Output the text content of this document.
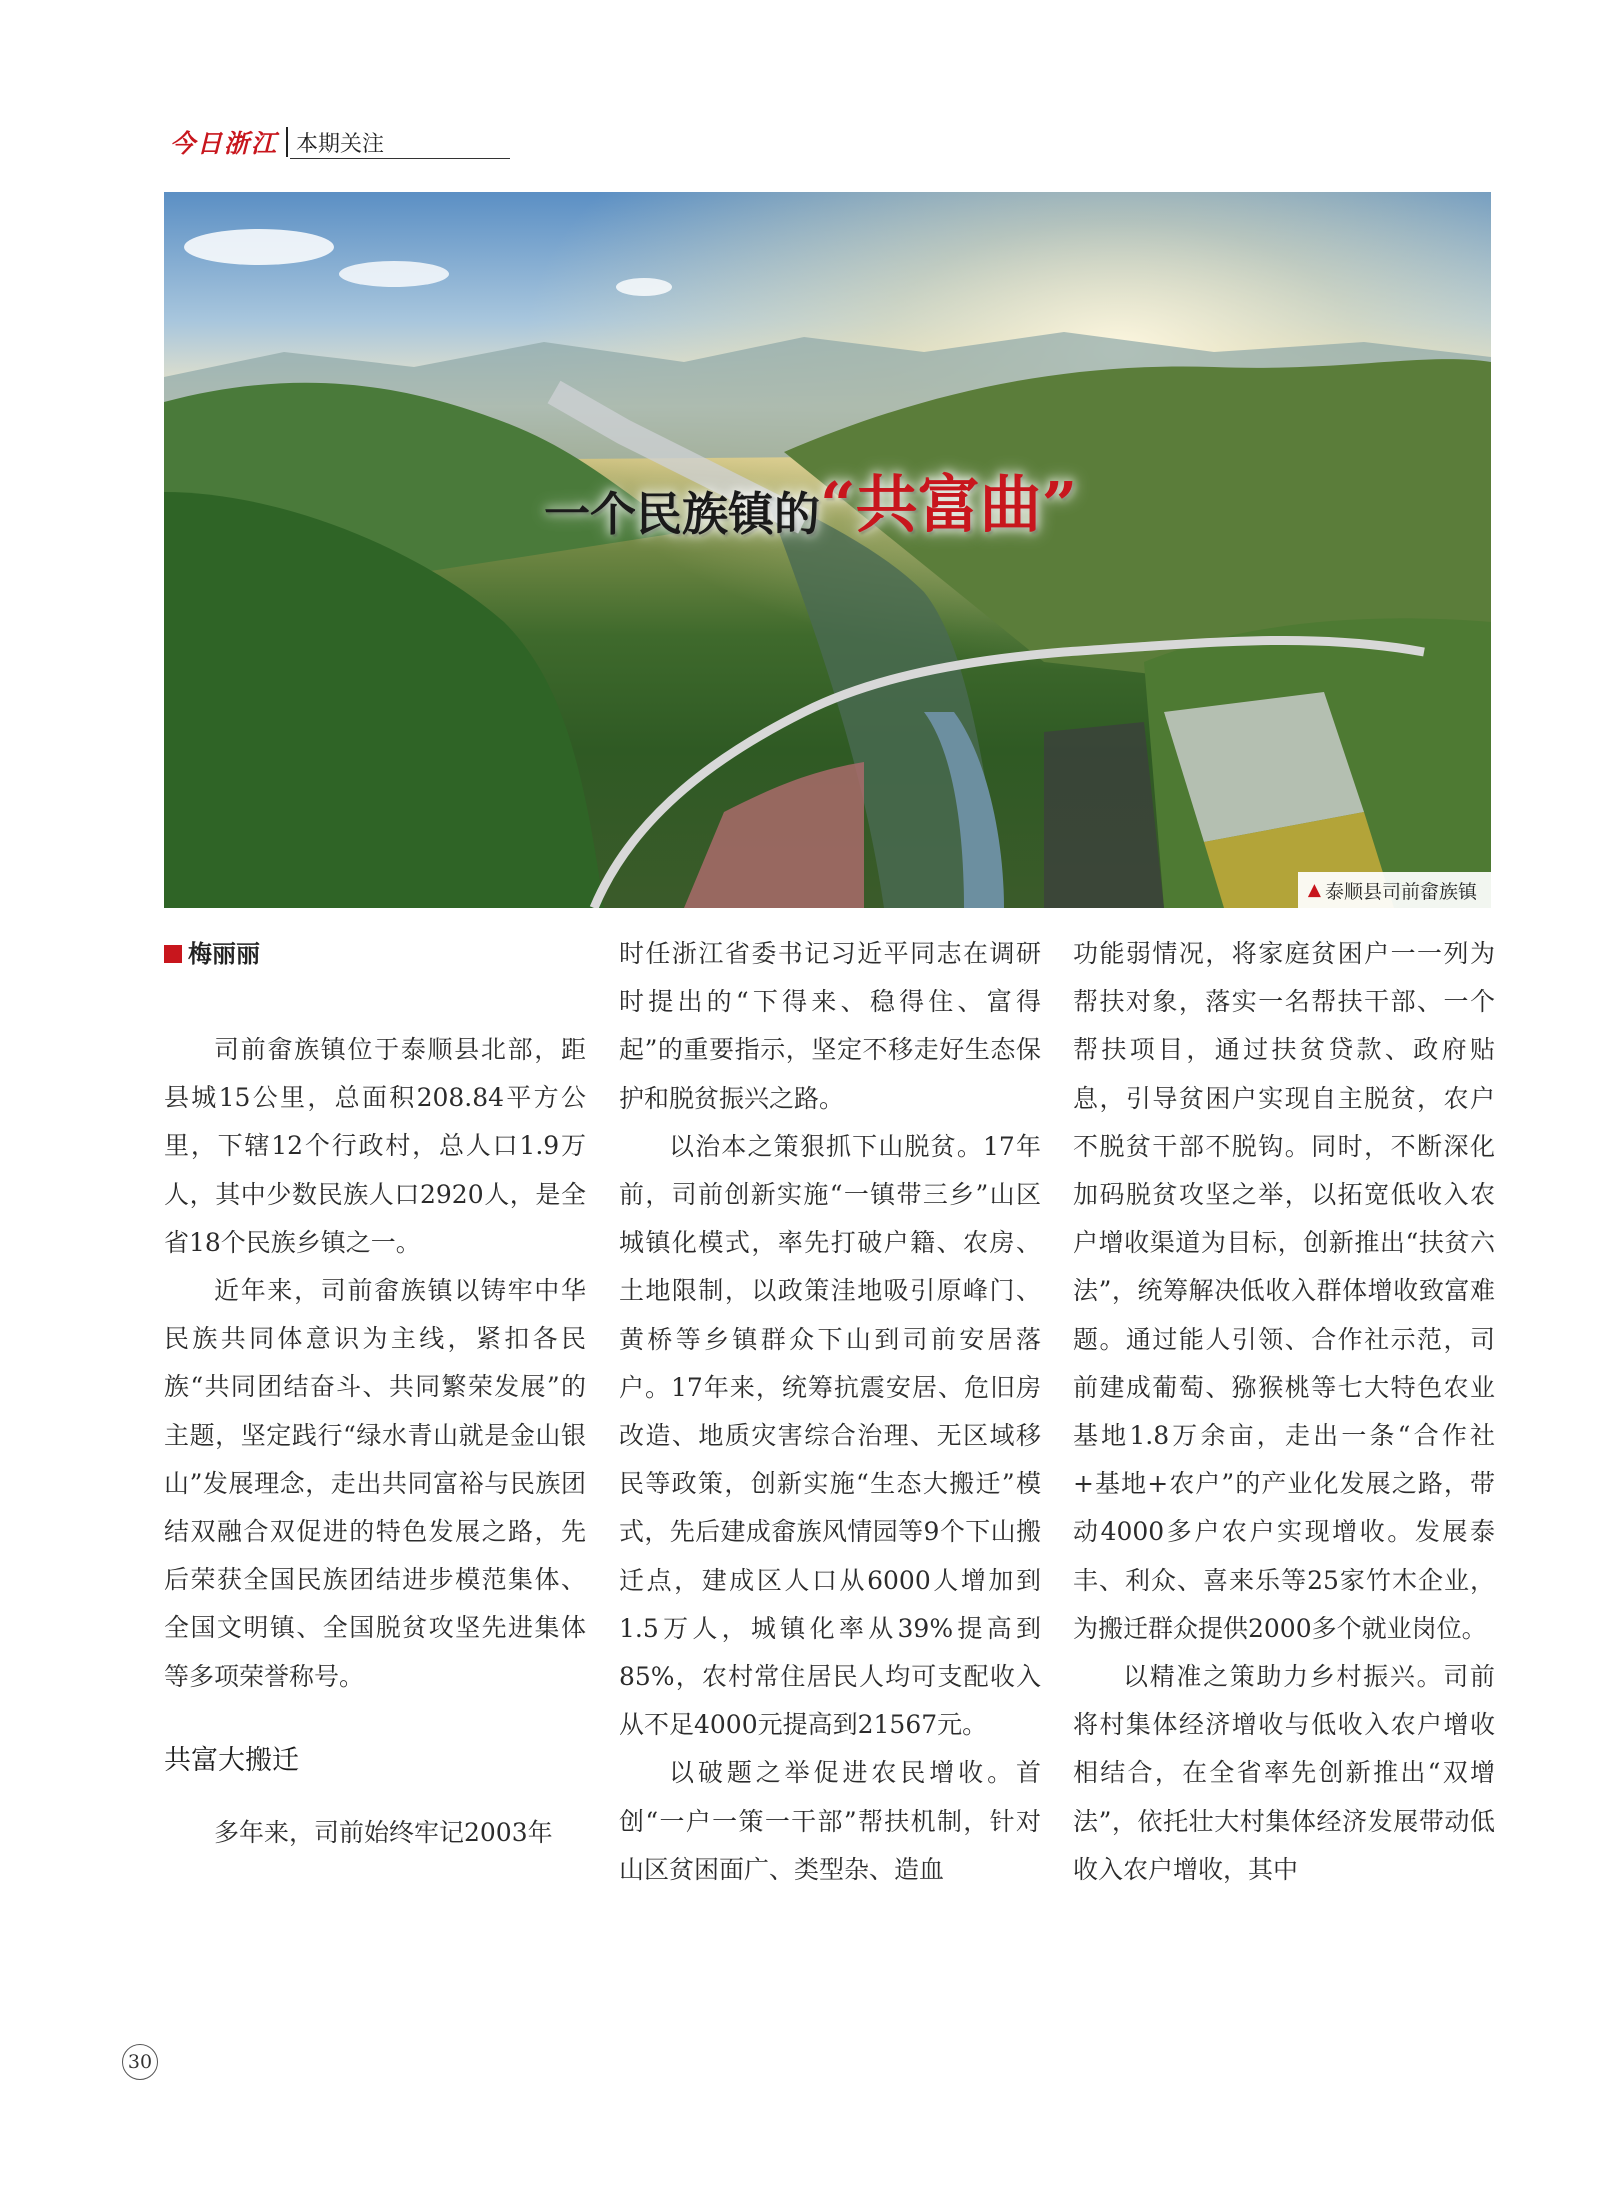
今日浙江 本期关注
一个民族镇的 “共富曲”
▲ 泰顺县司前畲族镇
梅丽丽

司前畲族镇位于泰顺县北部，距县城15公里，总面积208.84平方公里，下辖12个行政村，总人口1.9万人，其中少数民族人口2920人，是全省18个民族乡镇之一。

近年来，司前畲族镇以铸牢中华民族共同体意识为主线，紧扣各民族“共同团结奋斗、共同繁荣发展”的主题，坚定践行“绿水青山就是金山银山”发展理念，走出共同富裕与民族团结双融合双促进的特色发展之路，先后荣获全国民族团结进步模范集体、全国文明镇、全国脱贫攻坚先进集体等多项荣誉称号。

共富大搬迁

多年来，司前始终牢记2003年

时任浙江省委书记习近平同志在调研时提出的“下得来、稳得住、富得起”的重要指示，坚定不移走好生态保护和脱贫振兴之路。

以治本之策狠抓下山脱贫。17年前，司前创新实施“一镇带三乡”山区城镇化模式，率先打破户籍、农房、土地限制，以政策洼地吸引原峰门、黄桥等乡镇群众下山到司前安居落户。17年来，统筹抗震安居、危旧房改造、地质灾害综合治理、无区域移民等政策，创新实施“生态大搬迁”模式，先后建成畲族风情园等9个下山搬迁点，建成区人口从6000人增加到1.5万人，城镇化率从39%提高到85%，农村常住居民人均可支配收入从不足4000元提高到21567元。

以破题之举促进农民增收。首创“一户一策一干部”帮扶机制，针对山区贫困面广、类型杂、造血

功能弱情况，将家庭贫困户一一列为帮扶对象，落实一名帮扶干部、一个帮扶项目，通过扶贫贷款、政府贴息，引导贫困户实现自主脱贫，农户不脱贫干部不脱钩。同时，不断深化加码脱贫攻坚之举，以拓宽低收入农户增收渠道为目标，创新推出“扶贫六法”，统筹解决低收入群体增收致富难题。通过能人引领、合作社示范，司前建成葡萄、猕猴桃等七大特色农业基地1.8万余亩，走出一条“合作社+基地+农户”的产业化发展之路，带动4000多户农户实现增收。发展泰丰、利众、喜来乐等25家竹木企业，为搬迁群众提供2000多个就业岗位。

以精准之策助力乡村振兴。司前将村集体经济增收与低收入农户增收相结合，在全省率先创新推出“双增法”，依托壮大村集体经济发展带动低收入农户增收，其中

30
